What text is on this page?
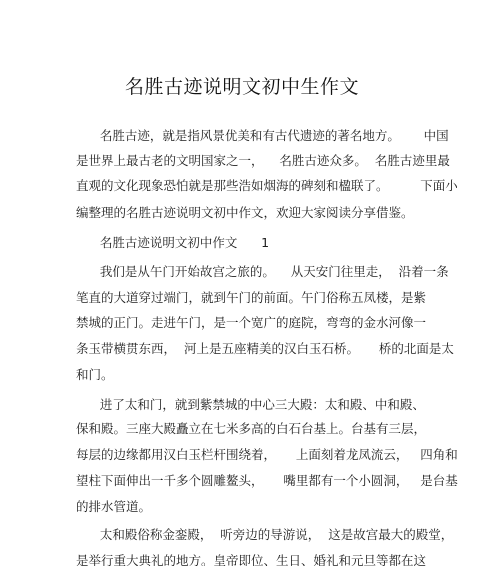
名胜古迹说明文初中生作文
名胜古迹，就是指风景优美和有古代遗迹的著名地方。      中国
是世界上最古老的文明国家之一，    名胜古迹众多。  名胜古迹里最
直观的文化现象恐怕就是那些浩如烟海的碑刻和楹联了。        下面小
编整理的名胜古迹说明文初中作文，欢迎大家阅读分享借鉴。
名胜古迹说明文初中作文      1
我们是从午门开始故宫之旅的。    从天安门往里走，  沿着一条
笔直的大道穿过端门，就到午门的前面。午门俗称五凤楼，是紫
禁城的正门。走进午门，是一个宽广的庭院，弯弯的金水河像一
条玉带横贯东西，  河上是五座精美的汉白玉石桥。     桥的北面是太
和门。
进了太和门，就到紫禁城的中心三大殿：太和殿、中和殿、
保和殿。三座大殿矗立在七米多高的白石台基上。台基有三层，
每层的边缘都用汉白玉栏杆围绕着，     上面刻着龙凤流云，   四角和
望柱下面伸出一千多个圆雕鳌头，     嘴里都有一个小圆洞，   是台基
的排水管道。
太和殿俗称金銮殿，  听旁边的导游说，  这是故宫最大的殿堂，
是举行重大典礼的地方。皇帝即位、生日、婚礼和元旦等都在这
